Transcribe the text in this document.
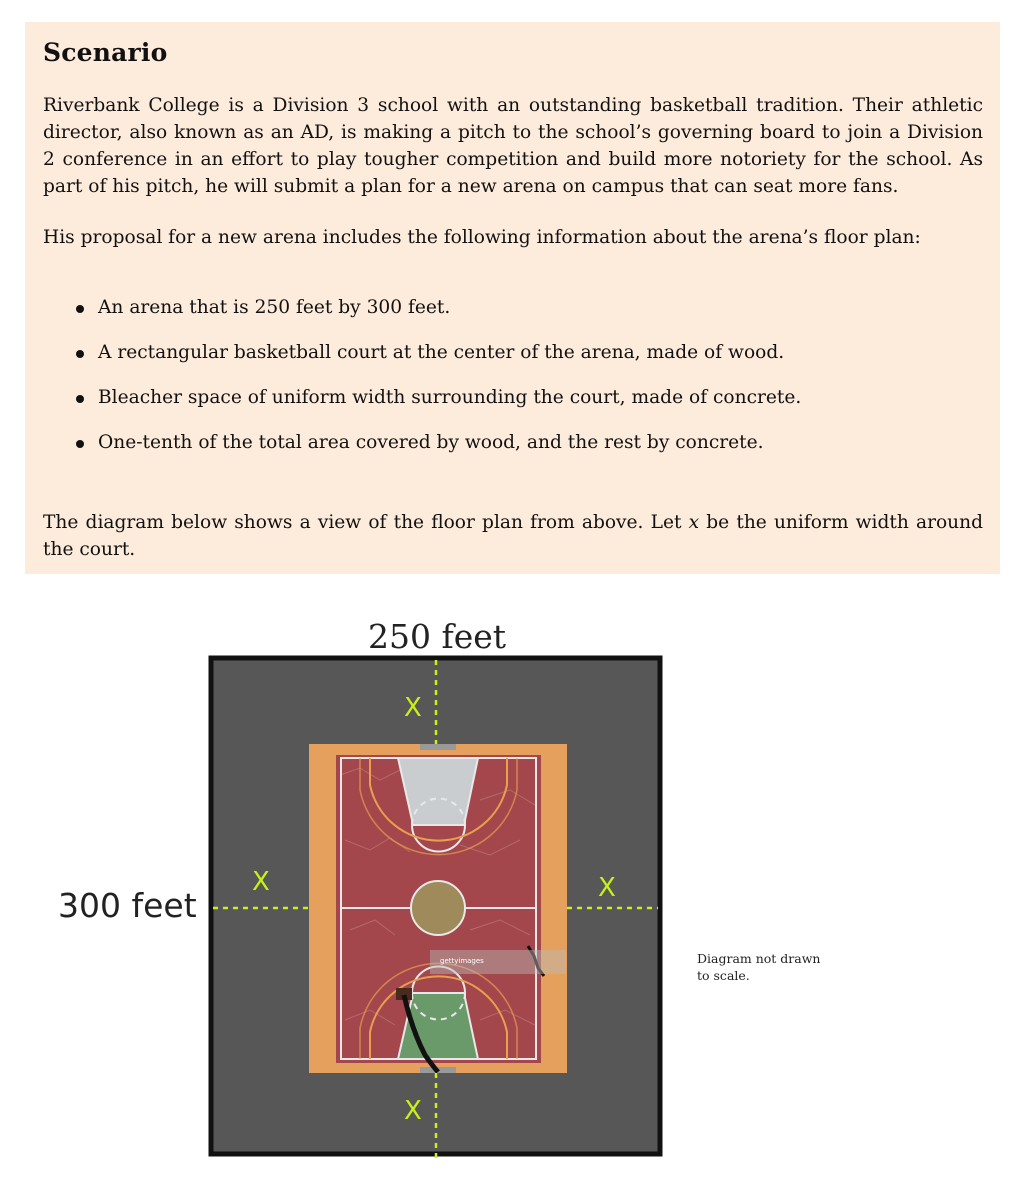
Scenario
Riverbank College is a Division 3 school with an outstanding basketball tradition. Their athletic director, also known as an AD, is making a pitch to the school’s governing board to join a Division 2 conference in an effort to play tougher competition and build more notoriety for the school. As part of his pitch, he will submit a plan for a new arena on campus that can seat more fans.
His proposal for a new arena includes the following information about the arena’s floor plan:
An arena that is 250 feet by 300 feet.
A rectangular basketball court at the center of the arena, made of wood.
Bleacher space of uniform width surrounding the court, made of concrete.
One-tenth of the total area covered by wood, and the rest by concrete.
The diagram below shows a view of the floor plan from above. Let x be the uniform width around the court.
250 feet
300 feet
gettyimages
X
X	X
X
Diagram not drawn to scale.
